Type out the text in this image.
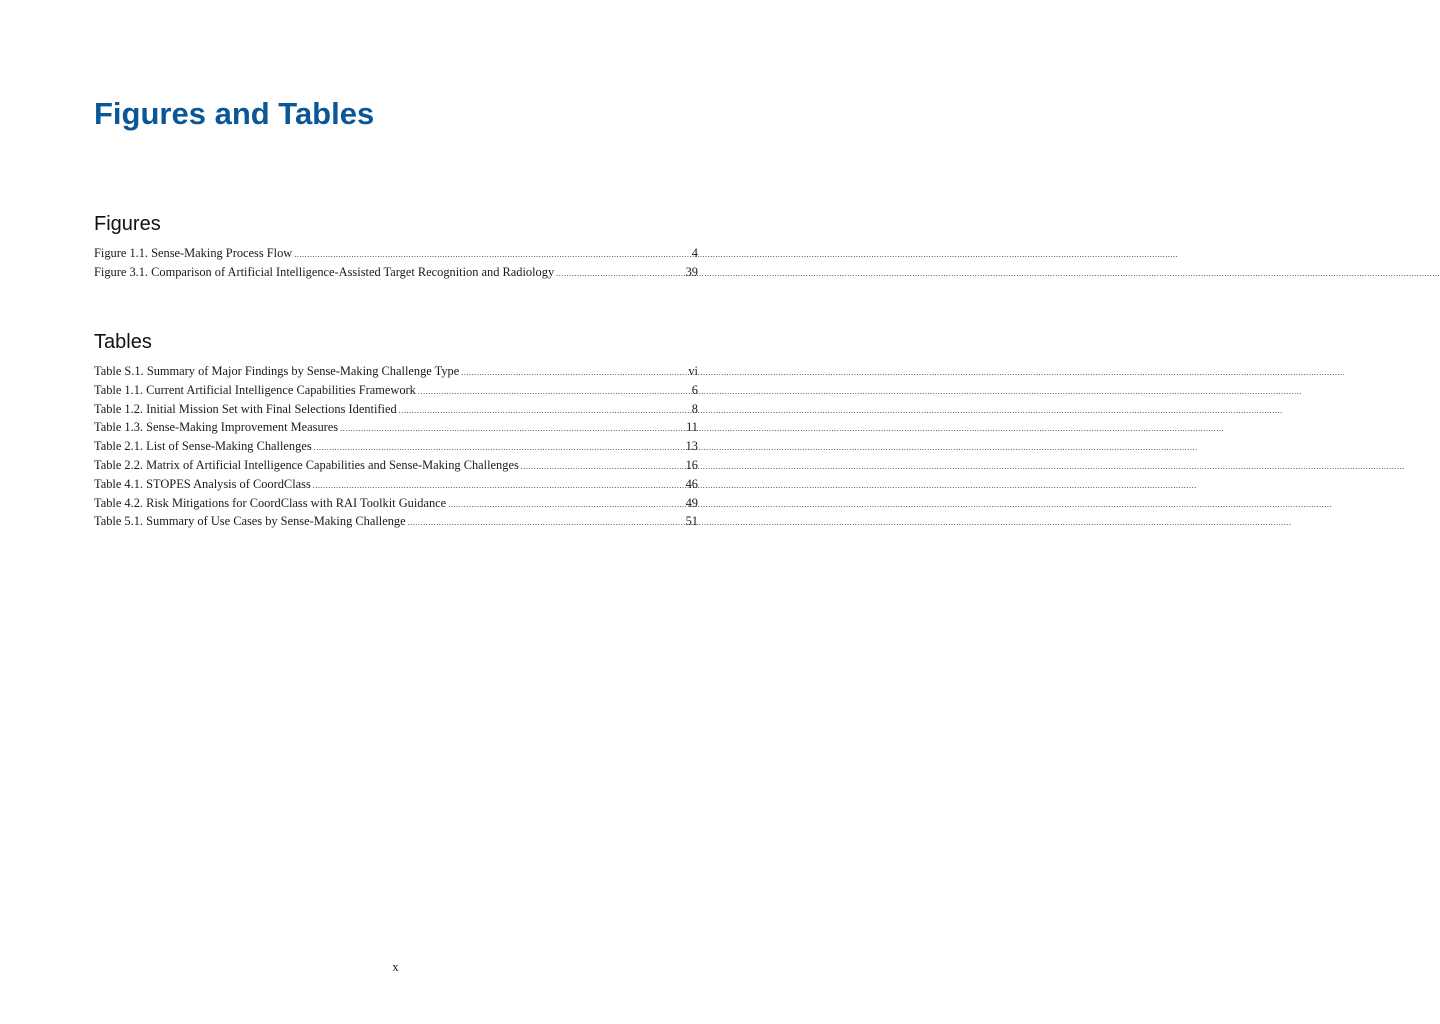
Figures and Tables
Figures
Figure 1.1. Sense-Making Process Flow .....	4
Figure 3.1. Comparison of Artificial Intelligence-Assisted Target Recognition and Radiology .....	39
Tables
Table S.1. Summary of Major Findings by Sense-Making Challenge Type .....	vi
Table 1.1. Current Artificial Intelligence Capabilities Framework .....	6
Table 1.2. Initial Mission Set with Final Selections Identified .....	8
Table 1.3. Sense-Making Improvement Measures .....	11
Table 2.1. List of Sense-Making Challenges .....	13
Table 2.2. Matrix of Artificial Intelligence Capabilities and Sense-Making Challenges .....	16
Table 4.1. STOPES Analysis of CoordClass .....	46
Table 4.2. Risk Mitigations for CoordClass with RAI Toolkit Guidance .....	49
Table 5.1. Summary of Use Cases by Sense-Making Challenge .....	51
x
